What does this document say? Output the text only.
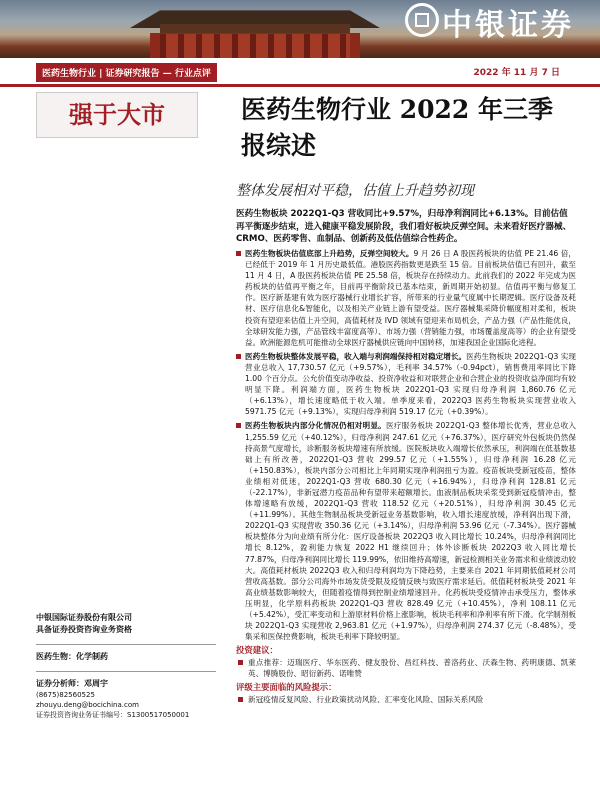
中银证券
医药生物行业 | 证券研究报告 — 行业点评	2022 年 11 月 7 日
强于大市	医药生物行业 2022 年三季报综述
整体发展相对平稳，估值上升趋势初现
医药生物板块 2022Q1-Q3 营收同比+9.57%，归母净利润同比+6.13%。目前估值再平衡逐步结束，进入健康平稳发展阶段，我们看好板块反弹空间。未来看好医疗器械、CRMO、医药零售、血制品、创新药及低估值综合性药企。
医药生物板块估值底部上升趋势，反弹空间较大。9 月 26 日 A 股医药板块的估值 PE 21.46 倍，已经低于 2019 年 1 月历史最低值。港股医药指数更是跌至 15 倍。目前板块估值已有回升，截至 11 月 4 日，A 股医药板块估值 PE 25.58 倍，板块存在持续动力。此前我们的 2022 年完成为医药板块的估值再平衡之年，目前再平衡阶段已基本结束，新周期开始初显。估值再平衡与修复工作。医疗新基建有效为医疗器械行业增长扩容，所带来的行业量气度属中长期逻辑。医疗设备及耗材、医疗信息化&智能化，以及相关产业链上游有望受益。医疗器械集采降价幅度相对柔和，板块投资有望迎来估值上升空间，高值耗材及 IVD 领域有望迎来布局机会，产品力强（产品性能优良，全球研发能力强，产品管线丰富度高等）、市场力强（营销能力强，市场覆盖度高等）的企业有望受益。欧洲能源危机可能推动全球医疗器械供应链向中国转移，加速我国企业国际化进程。
医药生物板块整体发展平稳，收入端与利润端保持相对稳定增长。医药生物板块 2022Q1-Q3 实现营业总收入 17,730.57 亿元（+9.57%），毛利率 34.57%（-0.94pct），销售费用率同比下降 1.00 个百分点。公允价值变动净收益、投资净收益和对联营企业和合营企业的投资收益净面均有较明显下降。利润端方面，医药生物板块 2022Q1-Q3 实现归母净利润 1,860.76 亿元（+6.13%），增长速度略低于收入端。单季度来看，2022Q3 医药生物板块实现营业收入 5971.75 亿元（+9.13%），实现归母净利润 519.17 亿元（+0.39%）。
医药生物板块内部分化情况仍相对明显。医疗服务板块 2022Q1-Q3 整体增长优秀，营业总收入 1,255.59 亿元（+40.12%），归母净利润 247.61 亿元（+76.37%），医疗研究外包板块仍然保持高景气度增长，诊断服务板块增速有所放缓。医院板块收入端增长依然承压，利润端在低基数基础上有所改善，2022Q1-Q3 营收 299.57 亿元（+1.55%），归母净利润 16.28 亿元（+150.83%），板块内部分公司相比上年同期实现净利润扭亏为盈。疫苗板块受新冠疫苗，整体业绩相对低迷，2022Q1-Q3 营收 680.30 亿元（+16.94%），归母净利润 128.81 亿元（-22.17%），非新冠潜力疫苗品种有望带来超额增长。血液制品板块采浆受到新冠疫情冲击，整体增速略有放缓，2022Q1-Q3 营收 118.52 亿元（+20.51%），归母净利润 30.45 亿元（+11.99%）。其他生物制品板块受新冠业务基数影响，收入增长速度放缓，净利润出现下滑，2022Q1-Q3 实现营收 350.36 亿元（+3.14%），归母净利润 53.96 亿元（-7.34%）。医疗器械板块整体分为向业绩有所分化：医疗设备板块 2022Q3 收入同比增长 10.24%，归母净利润同比增长 8.12%，盈利能力恢复 2022 H1 继续回升；体外诊断板块 2022Q3 收入同比增长 77.87%，归母净利润同比增长 119.99%，依旧维持高增速，新冠检测相关业务需求和业绩波动较大。高值耗材板块 2022Q3 收入和归母利润均为下降趋势，主要来自 2021 年同期低值耗材公司营收高基数。部分公司海外市场发货受限及疫情反映与致医疗需求延后。低值耗材板块受 2021 年高业绩基数影响较大，但随着疫情得到控制业绩增速回升。化药板块受疫情冲击承受压力，整体承压明显，化学原料药板块 2022Q1-Q3 营收 828.49 亿元（+10.45%），净利 108.11 亿元（+5.42%），受汇率变动和上游原材料价格上涨影响，板块毛利率和净利率有所下滑。化学制剂板块 2022Q1-Q3 实现营收 2,963.81 亿元（+1.97%），归母净利润 274.37 亿元（-8.48%），受集采和医保控费影响，板块毛利率下降较明显。
投资建议：
重点推荐：迈瑞医疗、华东医药、健友股份、昌红科技、普洛药业、沃森生物、药明康德、凯莱英、博腾股份、昭衍新药、诺唯赞
评级主要面临的风险提示：
新冠疫情反复风险、行业政策扰动风险、汇率变化风险、国际关系风险
中银国际证券股份有限公司
具备证券投资咨询业务资格
医药生物：化学制药
证券分析师：邓周宇
(8675)82560525
zhouyu.deng@bocichina.com
证券投资咨询业务证书编号：S1300517050001
